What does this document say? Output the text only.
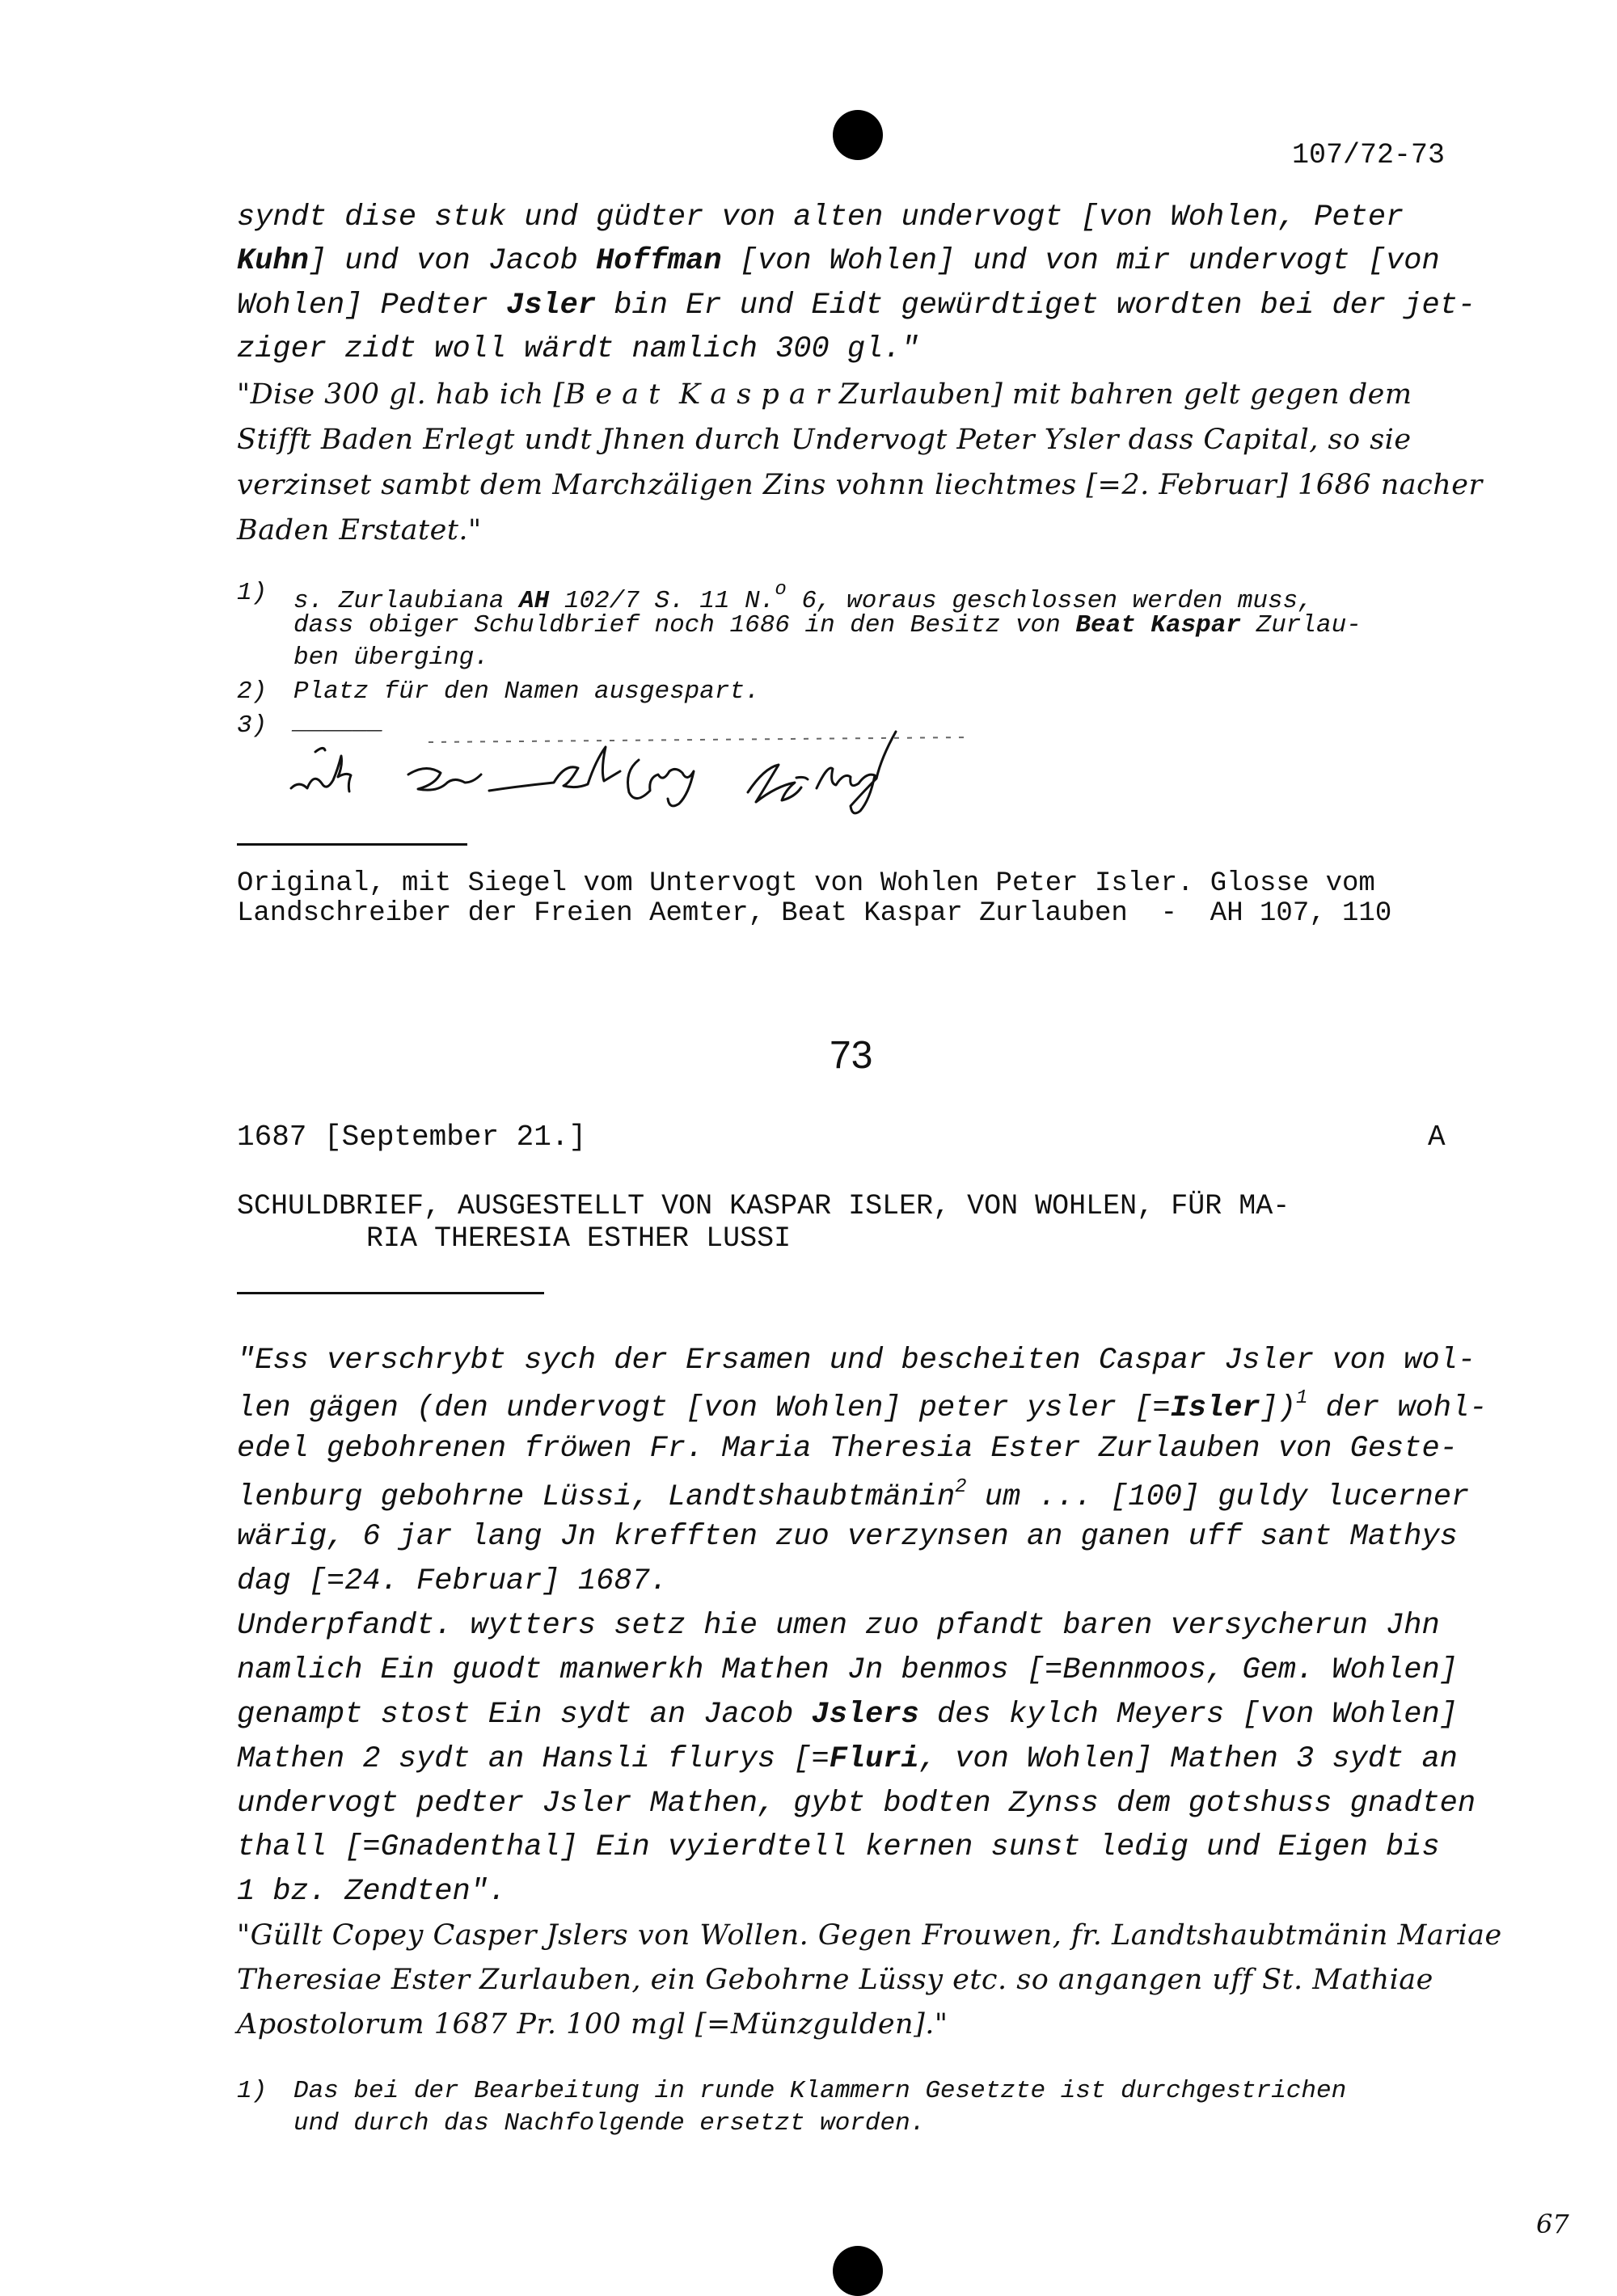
107/72-73
syndt dise stuk und güdter von alten undervogt [von Wohlen, Peter
Kuhn] und von Jacob Hoffman [von Wohlen] und von mir undervogt [von
Wohlen] Pedter Jsler bin Er und Eidt gewürdtiget wordten bei der jet-
ziger zidt woll wärdt namlich 300 gl."
"Dise 300 gl. hab ich [B e a t  K a s p a r Zurlauben] mit bahren gelt gegen dem
Stifft Baden Erlegt undt Jhnen durch Undervogt Peter Ysler dass Capital, so sie
verzinset sambt dem Marchzäligen Zins vohnn liechtmes [=2. Februar] 1686 nacher
Baden Erstatet."
1) s. Zurlaubiana AH 102/7 S. 11 N.$^o$ 6, woraus geschlossen werden muss,
dass obiger Schuldbrief noch 1686 in den Besitz von Beat Kaspar Zurlau-
ben überging.
2) Platz für den Namen ausgespart.
3) ______
Original, mit Siegel vom Untervogt von Wohlen Peter Isler. Glosse vom
Landschreiber der Freien Aemter, Beat Kaspar Zurlauben  -  AH 107, 110
73
1687 [September 21.]	A
SCHULDBRIEF, AUSGESTELLT VON KASPAR ISLER, VON WOHLEN, FÜR MA-
RIA THERESIA ESTHER LUSSI
"Ess verschrybt sych der Ersamen und bescheiten Caspar Jsler von wol-
len gägen (den undervogt [von Wohlen] peter ysler [=Isler])$^1$ der wohl-
edel gebohrenen fröwen Fr. Maria Theresia Ester Zurlauben von Geste-
lenburg gebohrne Lüssi, Landtshaubtmänin$^2$ um ... [100] guldy lucerner
wärig, 6 jar lang Jn krefften zuo verzynsen an ganen uff sant Mathys
dag [=24. Februar] 1687.
Underpfandt. wytters setz hie umen zuo pfandt baren versycherun Jhn
namlich Ein guodt manwerkh Mathen Jn benmos [=Bennmoos, Gem. Wohlen]
genampt stost Ein sydt an Jacob Jslers des kylch Meyers [von Wohlen]
Mathen 2 sydt an Hansli flurys [=Fluri, von Wohlen] Mathen 3 sydt an
undervogt pedter Jsler Mathen, gybt bodten Zynss dem gotshuss gnadten
thall [=Gnadenthal] Ein vyierdtell kernen sunst ledig und Eigen bis
1 bz. Zendten".
"Güllt Copey Casper Jslers von Wollen. Gegen Frouwen, fr. Landtshaubtmänin Mariae
Theresiae Ester Zurlauben, ein Gebohrne Lüssy etc. so angangen uff St. Mathiae
Apostolorum 1687 Pr. 100 mgl [=Münzgulden]."
1) Das bei der Bearbeitung in runde Klammern Gesetzte ist durchgestrichen
und durch das Nachfolgende ersetzt worden.
67
